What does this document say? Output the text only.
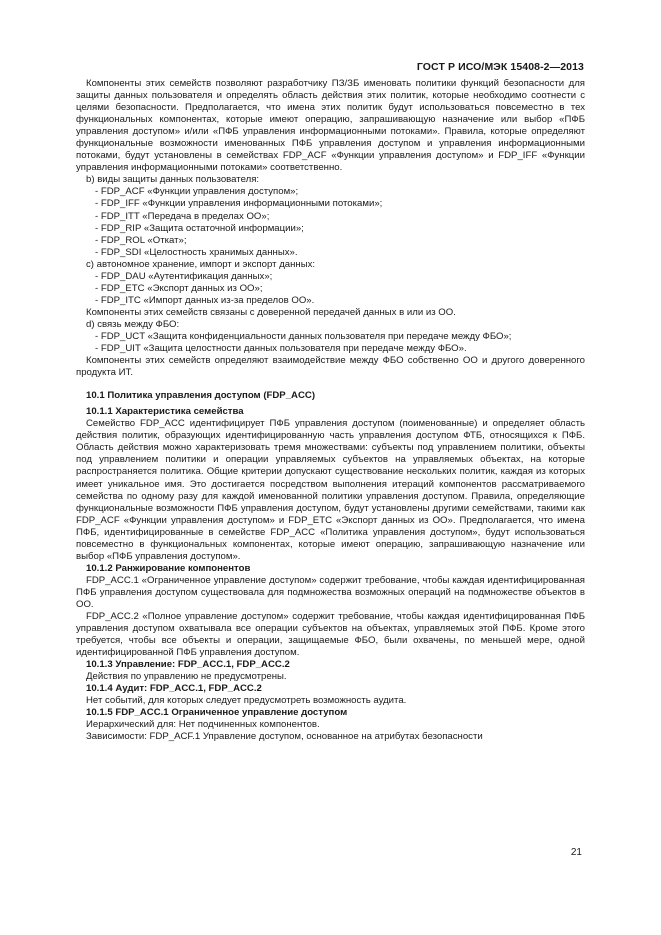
ГОСТ Р ИСО/МЭК 15408-2—2013

Компоненты этих семейств позволяют разработчику ПЗ/ЗБ именовать политики функций безопасности для защиты данных пользователя и определять область действия этих политик, которые необходимо соотнести с целями безопасности. Предполагается, что имена этих политик будут использоваться повсеместно в тех функциональных компонентах, которые имеют операцию, запрашивающую назначение или выбор «ПФБ управления доступом» и/или «ПФБ управления информационными потоками». Правила, которые определяют функциональные возможности именованных ПФБ управления доступом и управления информационными потоками, будут установлены в семействах FDP_ACF «Функции управления доступом» и FDP_IFF «Функции управления информационными потоками» соответственно.

b) виды защиты данных пользователя:

- FDP_ACF «Функции управления доступом»;

- FDP_IFF «Функции управления информационными потоками»;

- FDP_ITT «Передача в пределах ОО»;

- FDP_RIP «Защита остаточной информации»;

- FDP_ROL «Откат»;

- FDP_SDI «Целостность хранимых данных».

c) автономное хранение, импорт и экспорт данных:

- FDP_DAU «Аутентификация данных»;

- FDP_ETC «Экспорт данных из ОО»;

- FDP_ITC «Импорт данных из-за пределов ОО».

Компоненты этих семейств связаны с доверенной передачей данных в или из ОО.

d) связь между ФБО:

- FDP_UCT «Защита конфиденциальности данных пользователя при передаче между ФБО»;

- FDP_UIT «Защита целостности данных пользователя при передаче между ФБО».

Компоненты этих семейств определяют взаимодействие между ФБО собственно ОО и другого доверенного продукта ИТ.

10.1 Политика управления доступом (FDP_ACC)

10.1.1 Характеристика семейства

Семейство FDP_ACC идентифицирует ПФБ управления доступом (поименованные) и определяет область действия политик, образующих идентифицированную часть управления доступом ФТБ, относящихся к ПФБ. Область действия можно характеризовать тремя множествами: субъекты под управлением политики, объекты под управлением политики и операции управляемых субъектов на управляемых объектах, на которые распространяется политика. Общие критерии допускают существование нескольких политик, каждая из которых имеет уникальное имя. Это достигается посредством выполнения итераций компонентов рассматриваемого семейства по одному разу для каждой именованной политики управления доступом. Правила, определяющие функциональные возможности ПФБ управления доступом, будут установлены другими семействами, такими как FDP_ACF «Функции управления доступом» и FDP_ETC «Экспорт данных из ОО». Предполагается, что имена ПФБ, идентифицированные в семействе FDP_ACC «Политика управления доступом», будут использоваться повсеместно в функциональных компонентах, которые имеют операцию, запрашивающую назначение или выбор «ПФБ управления доступом».

10.1.2 Ранжирование компонентов

FDP_ACC.1 «Ограниченное управление доступом» содержит требование, чтобы каждая идентифицированная ПФБ управления доступом существовала для подмножества возможных операций на подмножестве объектов в ОО.

FDP_ACC.2 «Полное управление доступом» содержит требование, чтобы каждая идентифицированная ПФБ управления доступом охватывала все операции субъектов на объектах, управляемых этой ПФБ. Кроме этого требуется, чтобы все объекты и операции, защищаемые ФБО, были охвачены, по меньшей мере, одной идентифицированной ПФБ управления доступом.

10.1.3 Управление: FDP_ACC.1, FDP_ACC.2

Действия по управлению не предусмотрены.

10.1.4 Аудит: FDP_ACC.1, FDP_ACC.2

Нет событий, для которых следует предусмотреть возможность аудита.

10.1.5 FDP_ACC.1 Ограниченное управление доступом

Иерархический для: Нет подчиненных компонентов.

Зависимости: FDP_ACF.1 Управление доступом, основанное на атрибутах безопасности

21
